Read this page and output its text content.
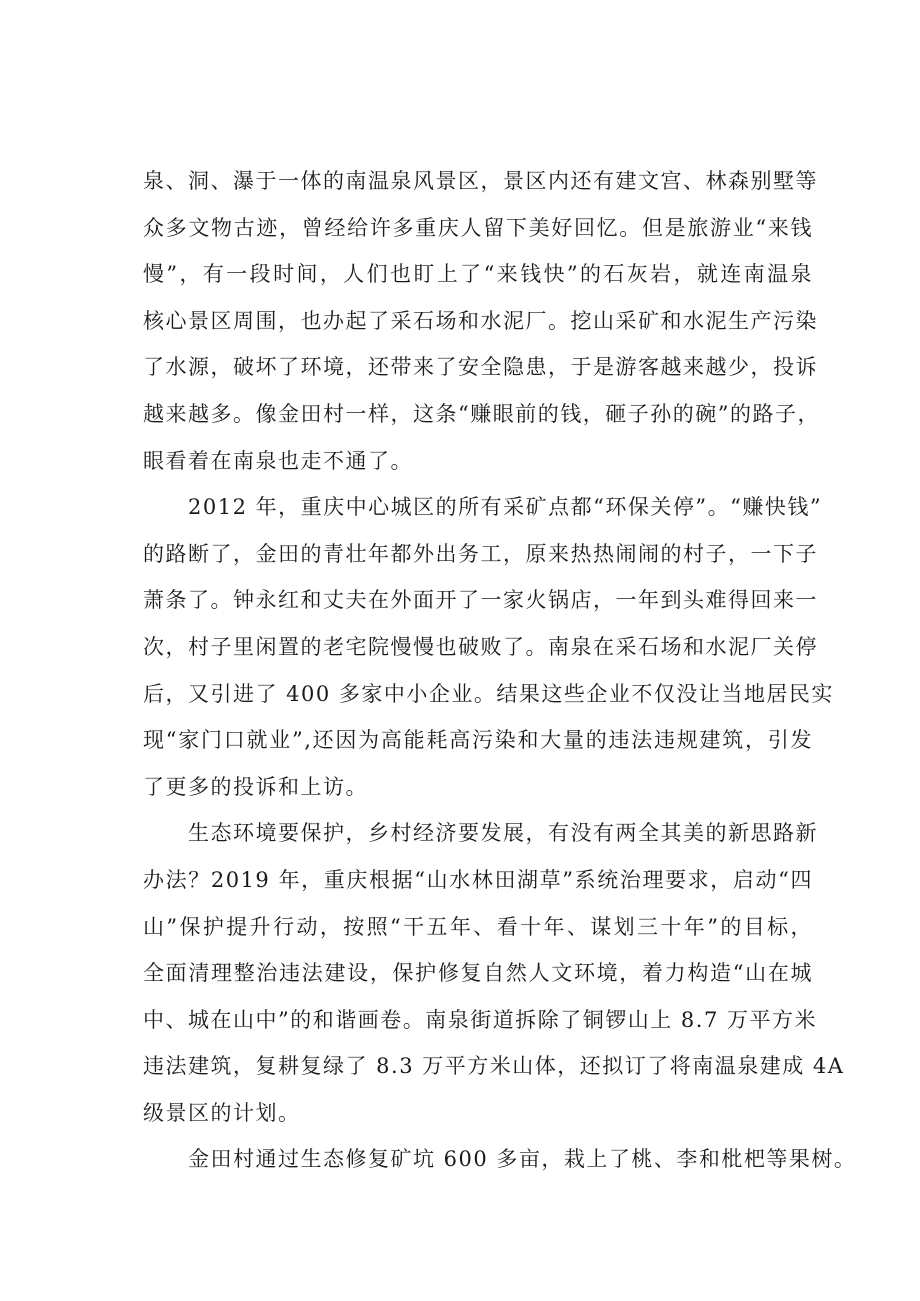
泉、洞、瀑于一体的南温泉风景区，景区内还有建文宫、林森别墅等
众多文物古迹，曾经给许多重庆人留下美好回忆。但是旅游业“来钱
慢”，有一段时间，人们也盯上了“来钱快”的石灰岩，就连南温泉
核心景区周围，也办起了采石场和水泥厂。挖山采矿和水泥生产污染
了水源，破坏了环境，还带来了安全隐患，于是游客越来越少，投诉
越来越多。像金田村一样，这条“赚眼前的钱，砸子孙的碗”的路子，
眼看着在南泉也走不通了。
　　2012 年，重庆中心城区的所有采矿点都“环保关停”。“赚快钱”
的路断了，金田的青壮年都外出务工，原来热热闹闹的村子，一下子
萧条了。钟永红和丈夫在外面开了一家火锅店，一年到头难得回来一
次，村子里闲置的老宅院慢慢也破败了。南泉在采石场和水泥厂关停
后，又引进了 400 多家中小企业。结果这些企业不仅没让当地居民实
现“家门口就业”,还因为高能耗高污染和大量的违法违规建筑，引发
了更多的投诉和上访。
　　生态环境要保护，乡村经济要发展，有没有两全其美的新思路新
办法？2019 年，重庆根据“山水林田湖草”系统治理要求，启动“四
山”保护提升行动，按照“干五年、看十年、谋划三十年”的目标，
全面清理整治违法建设，保护修复自然人文环境，着力构造“山在城
中、城在山中”的和谐画卷。南泉街道拆除了铜锣山上 8.7 万平方米
违法建筑，复耕复绿了 8.3 万平方米山体，还拟订了将南温泉建成 4A
级景区的计划。
　　金田村通过生态修复矿坑 600 多亩，栽上了桃、李和枇杷等果树。
